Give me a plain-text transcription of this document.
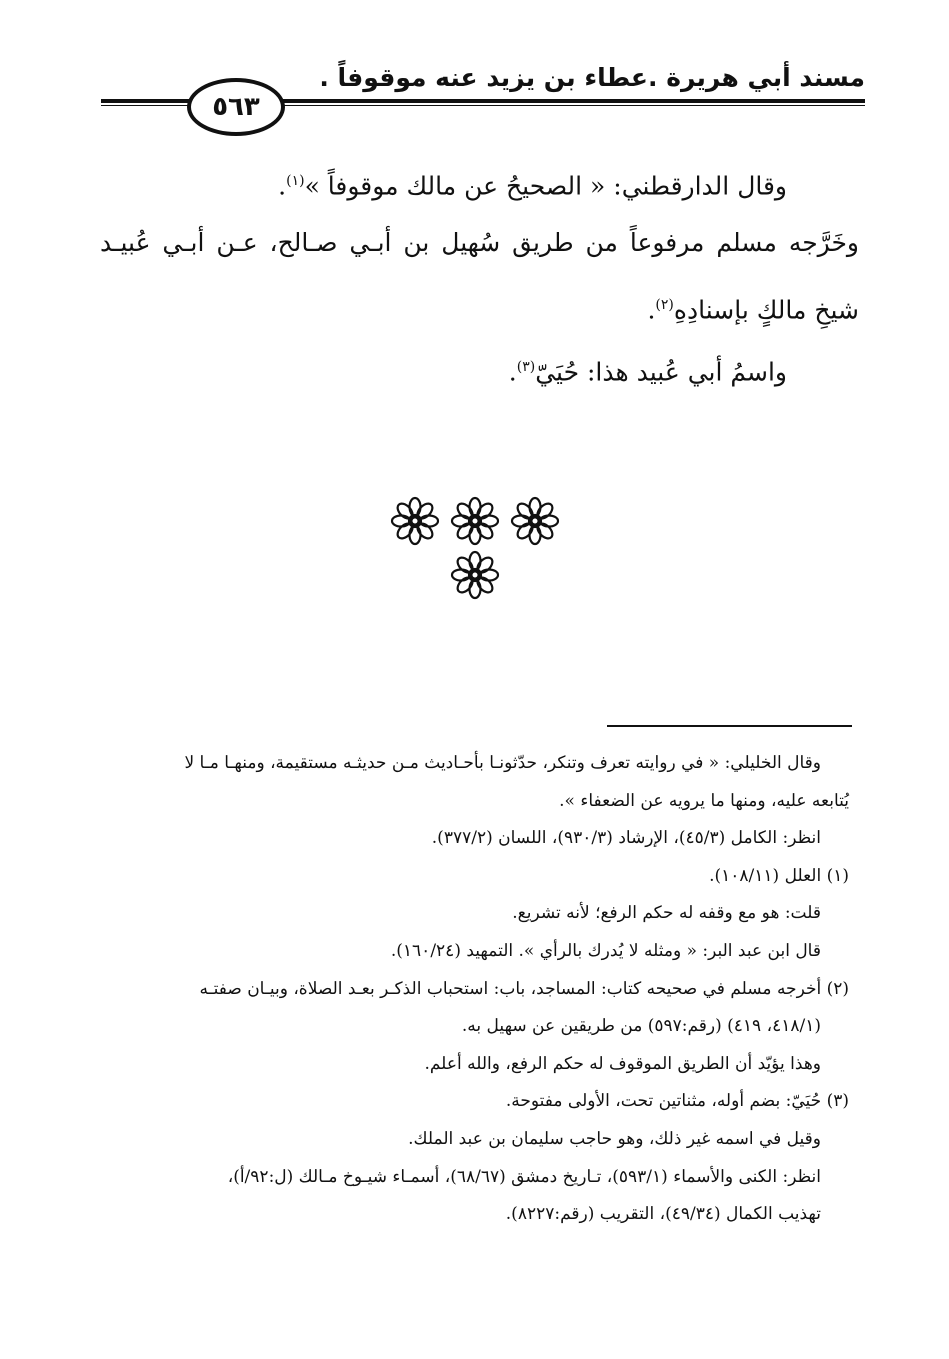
مسند أبي هريرة .عطاء بن يزيد عنه موقوفاً .
٥٦٣
وقال الدارقطني: « الصحيحُ عن مالك موقوفاً »$^{(١)}$.
وخَرَّجه
مسلم
مرفوعاً
من
طريق
سُهيل
بن
أبـي
صـالح،
عـن
أبـي
عُبيـد
شيخِ مالكٍ بإسنادِهِ$^{(٢)}$.
واسمُ أبي عُبيد هذا: حُيَيّ$^{(٣)}$.
وقال الخليلي: « في روايته تعرف وتنكر، حدّثونـا بأحـاديث مـن حديثـه مستقيمة، ومنهـا مـا لا
يُتابعه عليه، ومنها ما يرويه عن الضعفاء ».
انظر: الكامل (٤٥/٣)، الإرشاد (٩٣٠/٣)، اللسان (٣٧٧/٢).
(١) العلل (١٠٨/١١).
قلت: هو مع وقفه له حكم الرفع؛ لأنه تشريع.
قال ابن عبد البر: « ومثله لا يُدرك بالرأي ». التمهيد (١٦٠/٢٤).
(٢) أخرجه مسلم في صحيحه كتاب: المساجد، باب: استحباب الذكـر بعـد الصلاة، وبيـان صفتـه
(٤١٨/١، ٤١٩) (رقم:٥٩٧) من طريقين عن سهيل به.
وهذا يؤيّد أن الطريق الموقوف له حكم الرفع، والله أعلم.
(٣) حُيَيّ: بضم أوله، مثناتين تحت، الأولى مفتوحة.
وقيل في اسمه غير ذلك، وهو حاجب سليمان بن عبد الملك.
انظر: الكنى والأسماء (٥٩٣/١)، تـاريخ دمشق (٦٨/٦٧)، أسمـاء شيـوخ مـالك (ل:٩٢/أ)،
تهذيب الكمال (٤٩/٣٤)، التقريب (رقم:٨٢٢٧).
